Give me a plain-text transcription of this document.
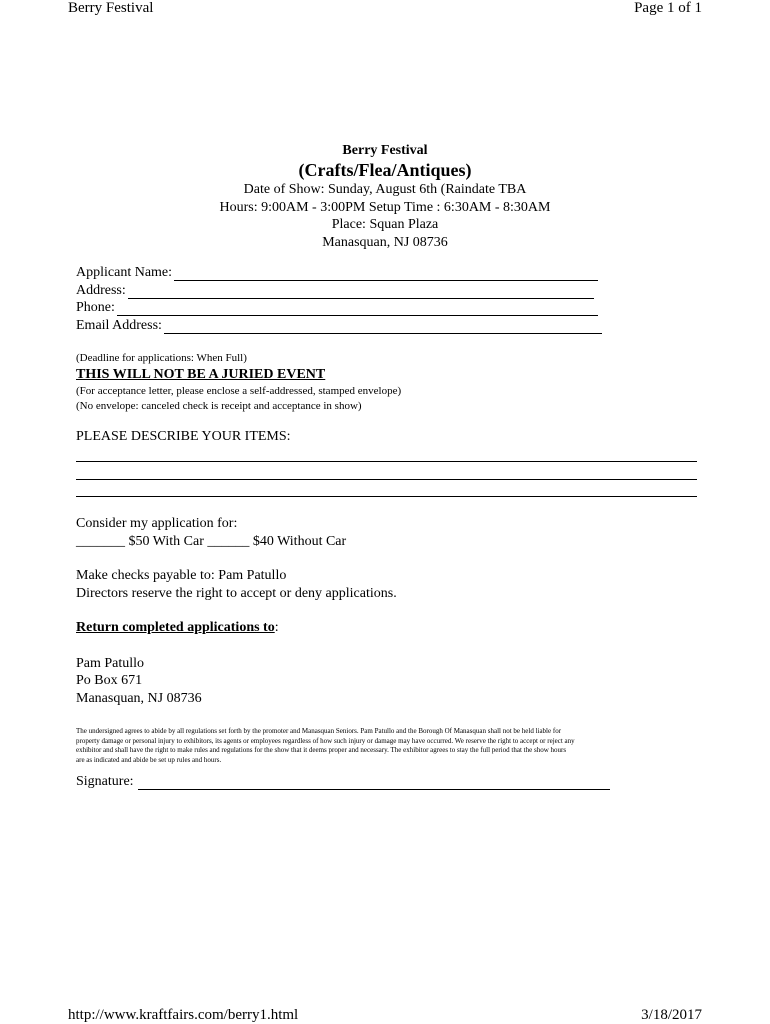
Berry Festival	Page 1 of 1
Berry Festival
(Crafts/Flea/Antiques)
Date of Show: Sunday, August 6th (Raindate TBA
Hours: 9:00AM - 3:00PM Setup Time : 6:30AM - 8:30AM
Place: Squan Plaza
Manasquan, NJ 08736
Applicant Name:
Address:
Phone:
Email Address:
(Deadline for applications: When Full)
THIS WILL NOT BE A JURIED EVENT
(For acceptance letter, please enclose a self-addressed, stamped envelope)
(No envelope: canceled check is receipt and acceptance in show)
PLEASE DESCRIBE YOUR ITEMS:
Consider my application for:
_______ $50 With Car ______ $40 Without Car
Make checks payable to: Pam Patullo
Directors reserve the right to accept or deny applications.
Return completed applications to:
Pam Patullo
Po Box 671
Manasquan, NJ 08736
The undersigned agrees to abide by all regulations set forth by the promoter and Manasquan Seniors. Pam Patullo and the Borough Of Manasquan shall not be held liable for property damage or personal injury to exhibitors, its agents or employees regardless of how such injury or damage may have occurred. We reserve the right to accept or reject any exhibitor and shall have the right to make rules and regulations for the show that it deems proper and necessary. The exhibitor agrees to stay the full period that the show hours are as indicated and abide be set up rules and hours.
Signature:
http://www.kraftfairs.com/berry1.html	3/18/2017
